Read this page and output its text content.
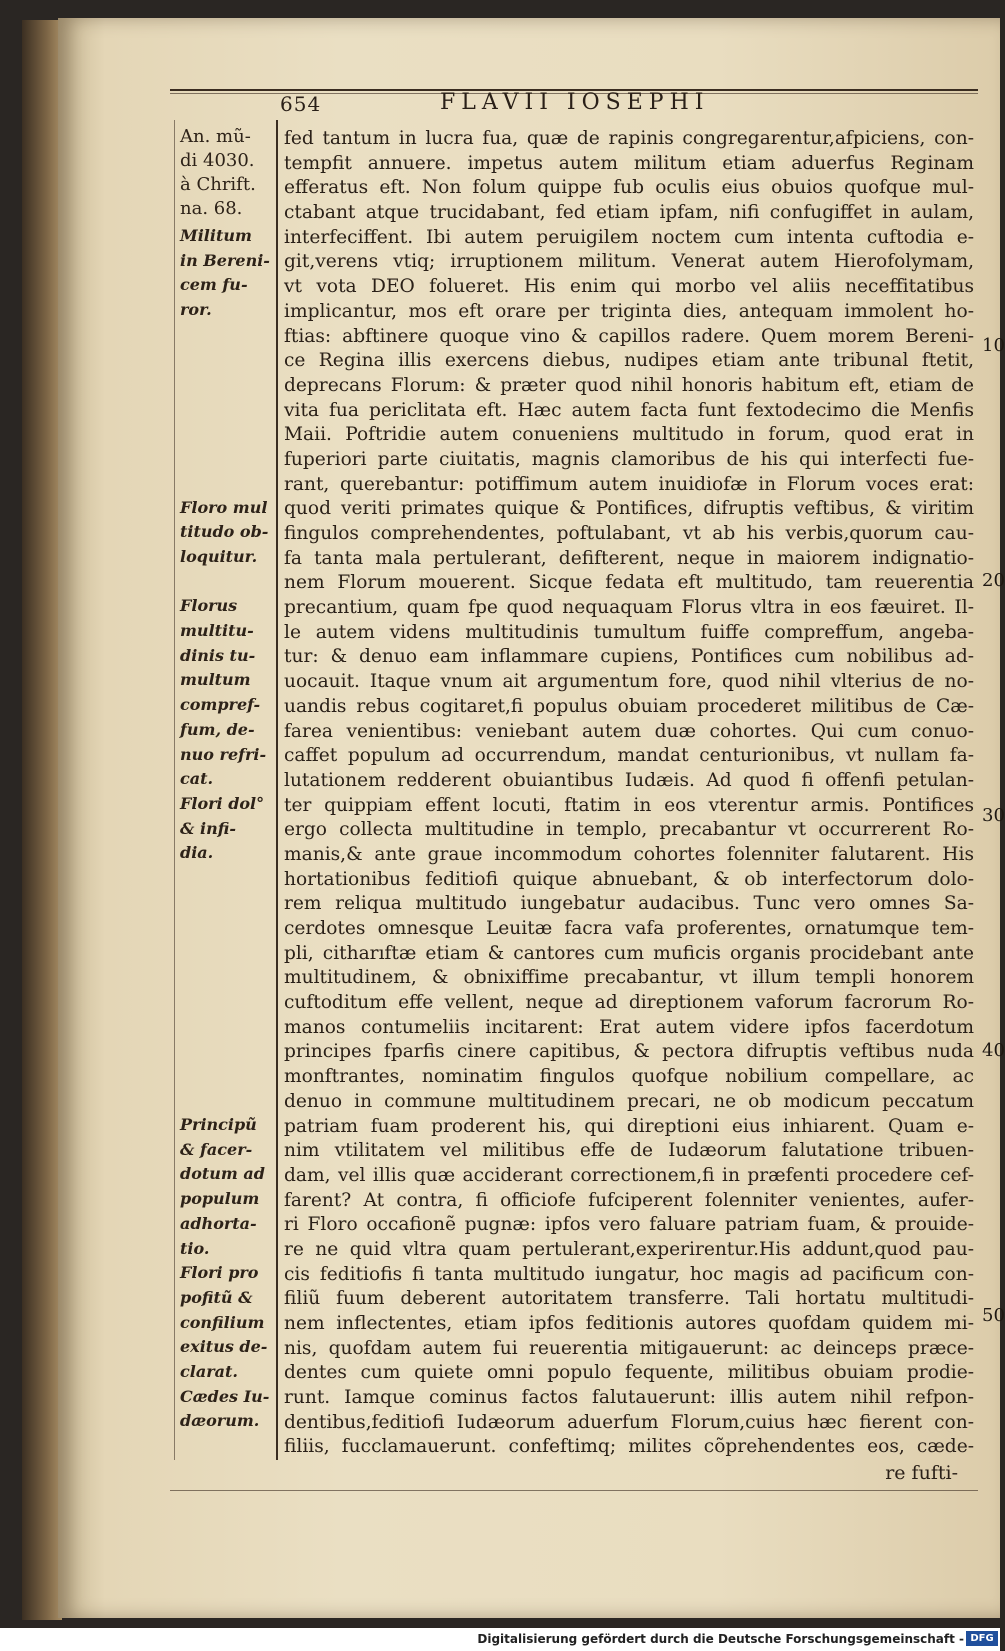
654	FLAVII IOSEPHI
An. mũ-
di 4030.
à Chrift.
na. 68.
Militum
in Bereni-
cem fu-
ror.
Floro mul
titudo ob-
loquitur.
Florus
multitu-
dinis tu-
multum
compref-
fum, de-
nuo refri-
cat.
Flori dol°
& infi-
dia.
Principũ
& facer-
dotum ad
populum
adhorta-
tio.
Flori pro
pofitũ &
confilium
exitus de-
clarat.
Cædes Iu-
dæorum.
fed tantum in lucra fua, quæ de rapinis congregarentur,afpiciens, con-
tempfit annuere. impetus autem militum etiam aduerfus Reginam
efferatus eft. Non folum quippe fub oculis eius obuios quofque mul-
ctabant atque trucidabant, fed etiam ipfam, nifi confugiffet in aulam,
interfeciffent. Ibi autem peruigilem noctem cum intenta cuftodia e-
git,verens vtiq; irruptionem militum. Venerat autem Hierofolymam,
vt vota DEO folueret. His enim qui morbo vel aliis neceffitatibus
implicantur, mos eft orare per triginta dies, antequam immolent ho-
ftias: abftinere quoque vino & capillos radere. Quem morem Bereni-
ce Regina illis exercens diebus, nudipes etiam ante tribunal ftetit,
deprecans Florum: & præter quod nihil honoris habitum eft, etiam de
vita fua periclitata eft. Hæc autem facta funt fextodecimo die Menfis
Maii. Poftridie autem conueniens multitudo in forum, quod erat in
fuperiori parte ciuitatis, magnis clamoribus de his qui interfecti fue-
rant, querebantur: potiffimum autem inuidiofæ in Florum voces erat:
quod veriti primates quique & Pontifices, difruptis veftibus, & viritim
fingulos comprehendentes, poftulabant, vt ab his verbis,quorum cau-
fa tanta mala pertulerant, defifterent, neque in maiorem indignatio-
nem Florum mouerent. Sicque fedata eft multitudo, tam reuerentia
precantium, quam fpe quod nequaquam Florus vltra in eos fæuiret. Il-
le autem videns multitudinis tumultum fuiffe compreffum, angeba-
tur: & denuo eam inflammare cupiens, Pontifices cum nobilibus ad-
uocauit. Itaque vnum ait argumentum fore, quod nihil vlterius de no-
uandis rebus cogitaret,fi populus obuiam procederet militibus de Cæ-
farea venientibus: veniebant autem duæ cohortes. Qui cum conuo-
caffet populum ad occurrendum, mandat centurionibus, vt nullam fa-
lutationem redderent obuiantibus Iudæis. Ad quod fi offenfi petulan-
ter quippiam effent locuti, ftatim in eos vterentur armis. Pontifices
ergo collecta multitudine in templo, precabantur vt occurrerent Ro-
manis,& ante graue incommodum cohortes folenniter falutarent. His
hortationibus feditiofi quique abnuebant, & ob interfectorum dolo-
rem reliqua multitudo iungebatur audacibus. Tunc vero omnes Sa-
cerdotes omnesque Leuitæ facra vafa proferentes, ornatumque tem-
pli, citharıftæ etiam & cantores cum muficis organis procidebant ante
multitudinem, & obnixiffime precabantur, vt illum templi honorem
cuftoditum effe vellent, neque ad direptionem vaforum facrorum Ro-
manos contumeliis incitarent: Erat autem videre ipfos facerdotum
principes fparfis cinere capitibus, & pectora difruptis veftibus nuda
monftrantes, nominatim fingulos quofque nobilium compellare, ac
denuo in commune multitudinem precari, ne ob modicum peccatum
patriam fuam proderent his, qui direptioni eius inhiarent. Quam e-
nim vtilitatem vel militibus effe de Iudæorum falutatione tribuen-
dam, vel illis quæ acciderant correctionem,fi in præfenti procedere cef-
farent? At contra, fi officiofe fufciperent folenniter venientes, aufer-
ri Floro occafionẽ pugnæ: ipfos vero faluare patriam fuam, & prouide-
re ne quid vltra quam pertulerant,experirentur.His addunt,quod pau-
cis feditiofis fi tanta multitudo iungatur, hoc magis ad pacificum con-
filiũ fuum deberent autoritatem transferre. Tali hortatu multitudi-
nem inflectentes, etiam ipfos feditionis autores quofdam quidem mi-
nis, quofdam autem fui reuerentia mitigauerunt: ac deinceps præce-
dentes cum quiete omni populo fequente, militibus obuiam prodie-
runt. Iamque cominus factos falutauerunt: illis autem nihil refpon-
dentibus,feditiofi Iudæorum aduerfum Florum,cuius hæc fierent con-
filiis, fuccl​amauerunt. confeftimq; milites cõprehendentes eos, cæde-
re fufti-
10
20
30
40
50
Digitalisierung gefördert durch die Deutsche Forschungsgemeinschaft - DFG
